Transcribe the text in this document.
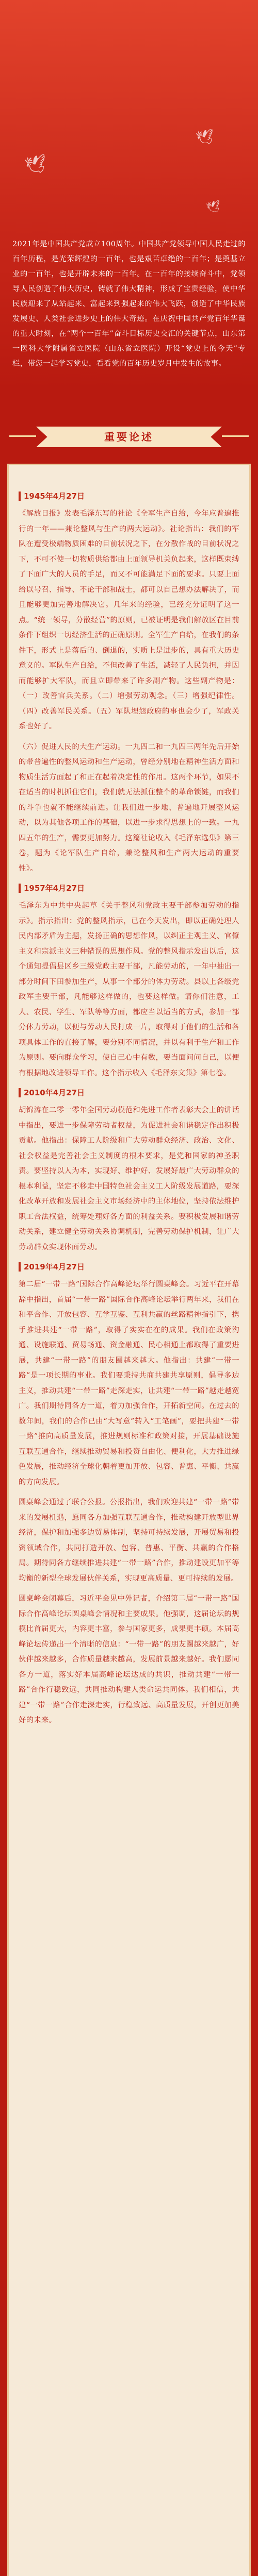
🕊
🕊
🕊
2021年是中国共产党成立100周年。中国共产党领导中国人民走过的百年历程，是光荣辉煌的一百年，也是艰苦卓绝的一百年；是奠基立业的一百年，也是开辟未来的一百年。在一百年的接续奋斗中，党领导人民创造了伟大历史，铸就了伟大精神，形成了宝贵经验，使中华民族迎来了从站起来、富起来到强起来的伟大飞跃，创造了中华民族发展史、人类社会进步史上的伟大奇迹。在庆祝中国共产党百年华诞的重大时刻，在“两个一百年”奋斗目标历史交汇的关键节点，山东第一医科大学附属省立医院（山东省立医院）开设“党史上的今天”专栏，带您一起学习党史，看看党的百年历史岁月中发生的故事。
重要论述
1945年4月27日

《解放日报》发表毛泽东写的社论《全军生产自给，今年应普遍推行的一年——兼论整风与生产的两大运动》。社论指出：我们的军队在遭受极端物质困难的目前状况之下，在分散作战的目前状况之下，不可不使一切物质供给都由上面领导机关负起来，这样既束缚了下面广大的人员的手足，而又不可能满足下面的要求。只要上面给以号召、指导、不论干部和战士，都可以自己想办法解决了，而且能够更加完善地解决它。几年来的经验，已经充分证明了这一点。“统一领导，分散经营”的原则，已被证明是我们解放区在目前条件下组织一切经济生活的正确原则。全军生产自给，在我们的条件下，形式上是落后的、倒退的，实质上是进步的，具有重大历史意义的。军队生产自给，不但改善了生活，减轻了人民负担，并因而能够扩大军队，而且立即带来了许多副产物。这些副产物是：（一）改善官兵关系。（二）增强劳动观念。（三）增强纪律性。（四）改善军民关系。（五）军队埋怨政府的事也会少了，军政关系也好了。

（六）促进人民的大生产运动。一九四二和一九四三两年先后开始的带普遍性的整风运动和生产运动，曾经分别地在精神生活方面和物质生活方面起了和正在起着决定性的作用。这两个环节，如果不在适当的时机抓住它们，我们就无法抓住整个的革命锁链，而我们的斗争也就不能继续前进。让我们进一步地、普遍地开展整风运动，以为其他各项工作的基础，以进一步求得思想上的一致。一九四五年的生产，需要更加努力。这篇社论收入《毛泽东选集》第三卷，题为《论军队生产自给，兼论整风和生产两大运动的重要性》。

1957年4月27日

毛泽东为中共中央起草《关于整风和党政主要干部参加劳动的指示》。指示指出：党的整风指示，已在今天发出，即以正确处理人民内部矛盾为主题，发扬正确的思想作风，以纠正主观主义、官僚主义和宗派主义三种错误的思想作风。党的整风指示发出以后，这个通知提倡县区乡三级党政主要干部，凡能劳动的，一年中抽出一部分时间下田参加生产，从事一个部分的体力劳动。县以上各级党政军主要干部，凡能够这样做的，也要这样做。请你们注意，工人、农民、学生、军队等等方面，都应当以适当的方式，参加一部分体力劳动，以便与劳动人民打成一片，取得对于他们的生活和各项具体工作的直接了解，要分别不同情况，并以有利于生产和工作为原则。要向群众学习，使自己心中有数，要当面问问自己，以便有根据地改进领导工作。这个指示收入《毛泽东文集》第七卷。

2010年4月27日

胡锦涛在二零一零年全国劳动模范和先进工作者表彰大会上的讲话中指出，要进一步保障劳动者权益，为促进社会和谐稳定作出积极贡献。他指出：保障工人阶级和广大劳动群众经济、政治、文化、社会权益是完善社会主义制度的根本要求，是党和国家的神圣职责。要坚持以人为本，实现好、维护好、发展好最广大劳动群众的根本利益，坚定不移走中国特色社会主义工人阶级发展道路，要深化改革开放和发展社会主义市场经济中的主体地位，坚持依法维护职工合法权益，统筹处理好各方面的利益关系。要积极发展和谐劳动关系，建立健全劳动关系协调机制，完善劳动保护机制，让广大劳动群众实现体面劳动。

2019年4月27日

第二届“一带一路”国际合作高峰论坛举行圆桌峰会。习近平在开幕辞中指出，首届“一带一路”国际合作高峰论坛举行两年来，我们在和平合作、开放包容、互学互鉴、互利共赢的丝路精神指引下，携手推进共建“一带一路”，取得了实实在在的成果。我们在政策沟通、设施联通、贸易畅通、资金融通、民心相通上都取得了重要进展，共建“一带一路”的朋友圈越来越大。他指出：共建“一带一路”是一项长期的事业。我们要秉持共商共建共享原则，倡导多边主义，推动共建“一带一路”走深走实，让共建“一带一路”越走越宽广。我们期待同各方一道，着力加强合作，开拓新空间。在过去的数年间，我们的合作已由“大写意”转入“工笔画”，要把共建“一带一路”推向高质量发展，推进规则标准和政策对接，开展基础设施互联互通合作，继续推动贸易和投资自由化、便利化，大力推进绿色发展，推动经济全球化朝着更加开放、包容、普惠、平衡、共赢的方向发展。

圆桌峰会通过了联合公报。公报指出，我们欢迎共建“一带一路”带来的发展机遇，愿同各方加强互联互通合作，推动构建开放型世界经济，保护和加强多边贸易体制，坚持可持续发展，开展贸易和投资领域合作，共同打造开放、包容、普惠、平衡、共赢的合作格局。期待同各方继续推进共建“一带一路”合作，推动建设更加平等均衡的新型全球发展伙伴关系，实现更高质量、更可持续的发展。

圆桌峰会闭幕后，习近平会见中外记者，介绍第二届“一带一路”国际合作高峰论坛圆桌峰会情况和主要成果。他强调，这届论坛的规模比首届更大，内容更丰富，参与国家更多，成果更丰硕。本届高峰论坛传递出一个清晰的信息：“一带一路”的朋友圈越来越广，好伙伴越来越多，合作质量越来越高，发展前景越来越好。我们愿同各方一道，落实好本届高峰论坛达成的共识，推动共建“一带一路”合作行稳致远，共同推动构建人类命运共同体。我们相信，共建“一带一路”合作走深走实，行稳致远、高质量发展，开创更加美好的未来。
